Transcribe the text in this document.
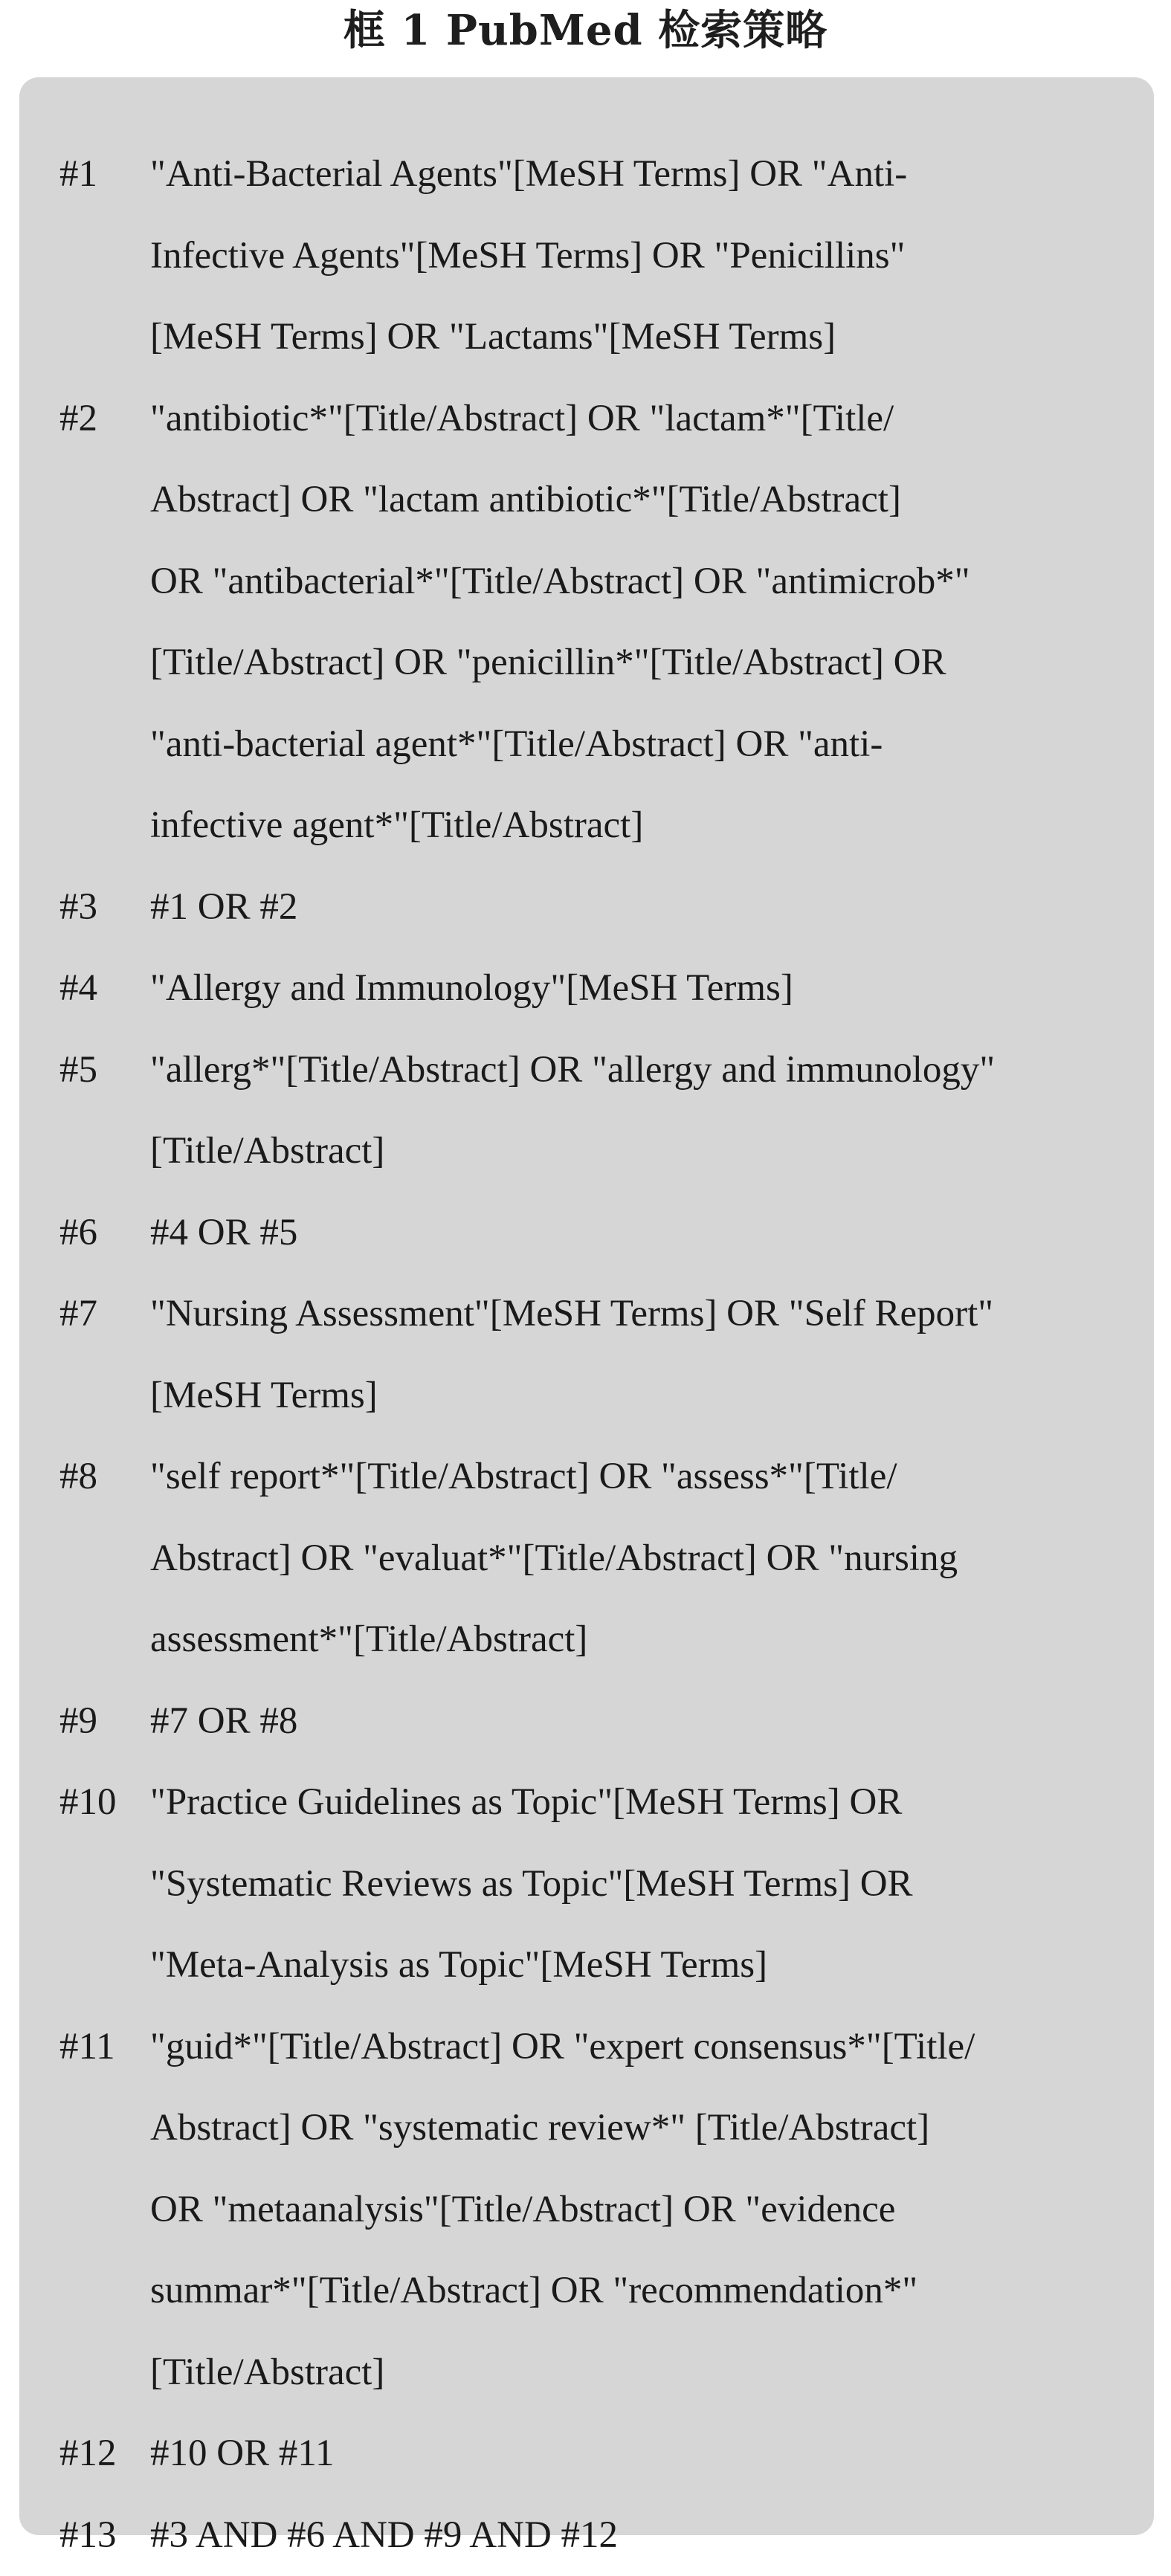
框 1 PubMed 检索策略
#1	"Anti-Bacterial Agents"[MeSH Terms] OR "Anti-
Infective Agents"[MeSH Terms] OR "Penicillins"
[MeSH Terms] OR "Lactams"[MeSH Terms]
#2	"antibiotic*"[Title/Abstract] OR "lactam*"[Title/
Abstract] OR "lactam antibiotic*"[Title/Abstract]
OR "antibacterial*"[Title/Abstract] OR "antimicrob*"
[Title/Abstract] OR "penicillin*"[Title/Abstract] OR
"anti-bacterial agent*"[Title/Abstract] OR "anti-
infective agent*"[Title/Abstract]
#3	#1 OR #2
#4	"Allergy and Immunology"[MeSH Terms]
#5	"allerg*"[Title/Abstract] OR "allergy and immunology"
[Title/Abstract]
#6	#4 OR #5
#7	"Nursing Assessment"[MeSH Terms] OR "Self Report"
[MeSH Terms]
#8	"self report*"[Title/Abstract] OR "assess*"[Title/
Abstract] OR "evaluat*"[Title/Abstract] OR "nursing
assessment*"[Title/Abstract]
#9	#7 OR #8
#10 "Practice Guidelines as Topic"[MeSH Terms] OR
"Systematic Reviews as Topic"[MeSH Terms] OR
"Meta-Analysis as Topic"[MeSH Terms]
#11 "guid*"[Title/Abstract] OR "expert consensus*"[Title/
Abstract] OR "systematic review*" [Title/Abstract]
OR "metaanalysis"[Title/Abstract] OR "evidence
summar*"[Title/Abstract] OR "recommendation*"
[Title/Abstract]
#12 #10 OR #11
#13 #3 AND #6 AND #9 AND #12
